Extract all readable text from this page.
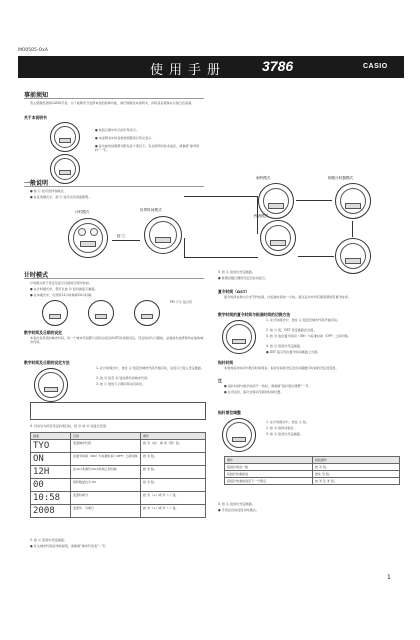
MO0505-OxA
使用手册	3786	CASIO
事前须知
衷心感谢您选购CASIO手表。为了能够充分发挥本表的各种功能，请仔细阅读本说明书，并将其妥善保存以备日后查阅。
关于本说明书
● 按钮以图中所示的字母表示。
● 本说明书中的各类象图都是以英文表示。
● 各功能的说明都分配在各个项目下，有关细节的技术信息，请参阅“参考资料”一节。
一般说明
● 按 Ⓒ 钮可选择各模式。
● 在任何模式中，按 Ⓛ 钮可点亮表盘照明。
计时模式
按 Ⓒ
世界时间模式
闹铃模式	倒数计时器模式
秒表模式
计时模式
计时模式用于设定及显示目前的日期与时间。
● 在计时模式中，您可以按 Ⓓ 钮切换显示画面。
● 在本模式中，可使用12小时制或24小时制。
PM 下午 指示符
数字时间及日期的设定
本表内有预设的城市代码，每一个城市代码都与其所在时区的UTC时差相对应。设定时间与日期前，必须首先选择您所在地的城市代码。
数字时间及日期的设定方法
1. 在计时模式中，按住 Ⓐ 钮直至城市代码开始闪动，这表示已进入设定画面。
2. 按 Ⓓ 钮及 Ⓑ 钮选择所需城市代码。
3. 按 Ⓒ 钮依下示顺序移动闪动处。
4. 闪动处为所需设定的项目时，按 Ⓓ 或 Ⓑ 钮进行变更。
画面	目的	操作
TYO	变更城市代码	按 Ⓓ（东） 或 Ⓑ（西）钮。
ON	在夏令时间（ON）与标准时间（OFF）之间切换	按 Ⓓ 钮。
12H	在12小时制与24小时制之间切换	按 Ⓓ 钮。
00	将秒数复位为 00	按 Ⓓ 钮。
10:58	变更时或分	按 Ⓓ（+）或 Ⓑ（-）钮。
2008	变更年、月或日	按 Ⓓ（+）或 Ⓑ（-）钮。
5. 按 Ⓐ 钮退出设定画面。
● 有关城市代码的详细说明，请参阅“城市代码表”一节。
5. 按 Ⓐ 钮退出设定画面。
● 星期会随日期的设定而自动显示。
夏令时间（DST）
夏令时间也称为日光节约时间，比标准时间快一小时。请注意并非所有国家都使用夏令时间。
数字时间的夏令时间与标准时间的切换方法
1. 在计时模式中，按住 Ⓐ 钮直至城市代码开始闪动。
2. 按 Ⓒ 钮，DST 设定画面会出现。
3. 按 Ⓓ 钮在夏令时间（ON）与标准时间（OFF）之间切换。
4. 按 Ⓐ 钮退出设定画面。
● DST 指示符在夏令时间画面上出现。
指针时间
本表的指针时间与数字时间同步。指针时间的设定会自动随数字时间的设定而变更。
注
● 指针时间与数字时间不一致时，请参阅“指针原位调整”一节。
● 在设定时，指针会移动至新的时间位置。
指针原位调整
1. 在计时模式中，按住 Ⓐ 钮。
2. 按 Ⓓ 钮移动指针。
3. 按 Ⓐ 钮退出设定画面。
操作	按钮操作
将指针前进一格	按 Ⓓ 钮。
将指针快速前进	按住 Ⓓ 钮。
将指针快速前进至下一个整点	按 Ⓓ 及 Ⓑ 钮。
5. 按 Ⓐ 钮退出设定画面。
● 手表会自动返回计时模式。
1
